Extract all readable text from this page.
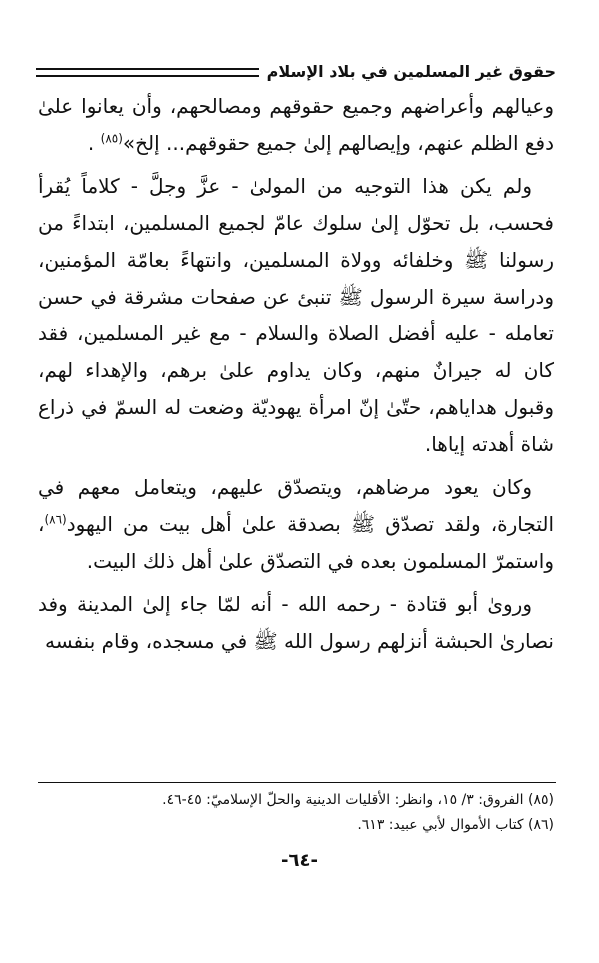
حقوق غير المسلمين في بلاد الإسلام

وعيالهم وأعراضهم وجميع حقوقهم ومصالحهم، وأن يعانوا علىٰ دفع الظلم عنهم، وإيصالهم إلىٰ جميع حقوقهم... إلخ»$^{(٨٥)}$ .

ولم يكن هذا التوجيه من المولىٰ - عزَّ وجلَّ - كلاماً يُقرأ فحسب، بل تحوّل إلىٰ سلوك عامّ لجميع المسلمين، ابتداءً من رسولنا ﷺ وخلفائه وولاة المسلمين، وانتهاءً بعامّة المؤمنين، ودراسة سيرة الرسول ﷺ تنبئ عن صفحات مشرقة في حسن تعامله - عليه أفضل الصلاة والسلام - مع غير المسلمين، فقد كان له جيرانٌ منهم، وكان يداوم علىٰ برهم، والإهداء لهم، وقبول هداياهم، حتّىٰ إنّ امرأة يهوديّة وضعت له السمّ في ذراع شاة أهدته إياها.

وكان يعود مرضاهم، ويتصدّق عليهم، ويتعامل معهم في التجارة، ولقد تصدّق ﷺ بصدقة علىٰ أهل بيت من اليهود$^{(٨٦)}$، واستمرّ المسلمون بعده في التصدّق علىٰ أهل ذلك البيت.

وروىٰ أبو قتادة - رحمه الله - أنه لمّا جاء إلىٰ المدينة وفد نصارىٰ الحبشة أنزلهم رسول الله ﷺ في مسجده، وقام بنفسه

(٨٥) الفروق: ٣/ ١٥، وانظر: الأقليات الدينية والحلّ الإسلاميّ: ٤٥-٤٦.

(٨٦) كتاب الأموال لأبي عبيد: ٦١٣.

-٦٤-
